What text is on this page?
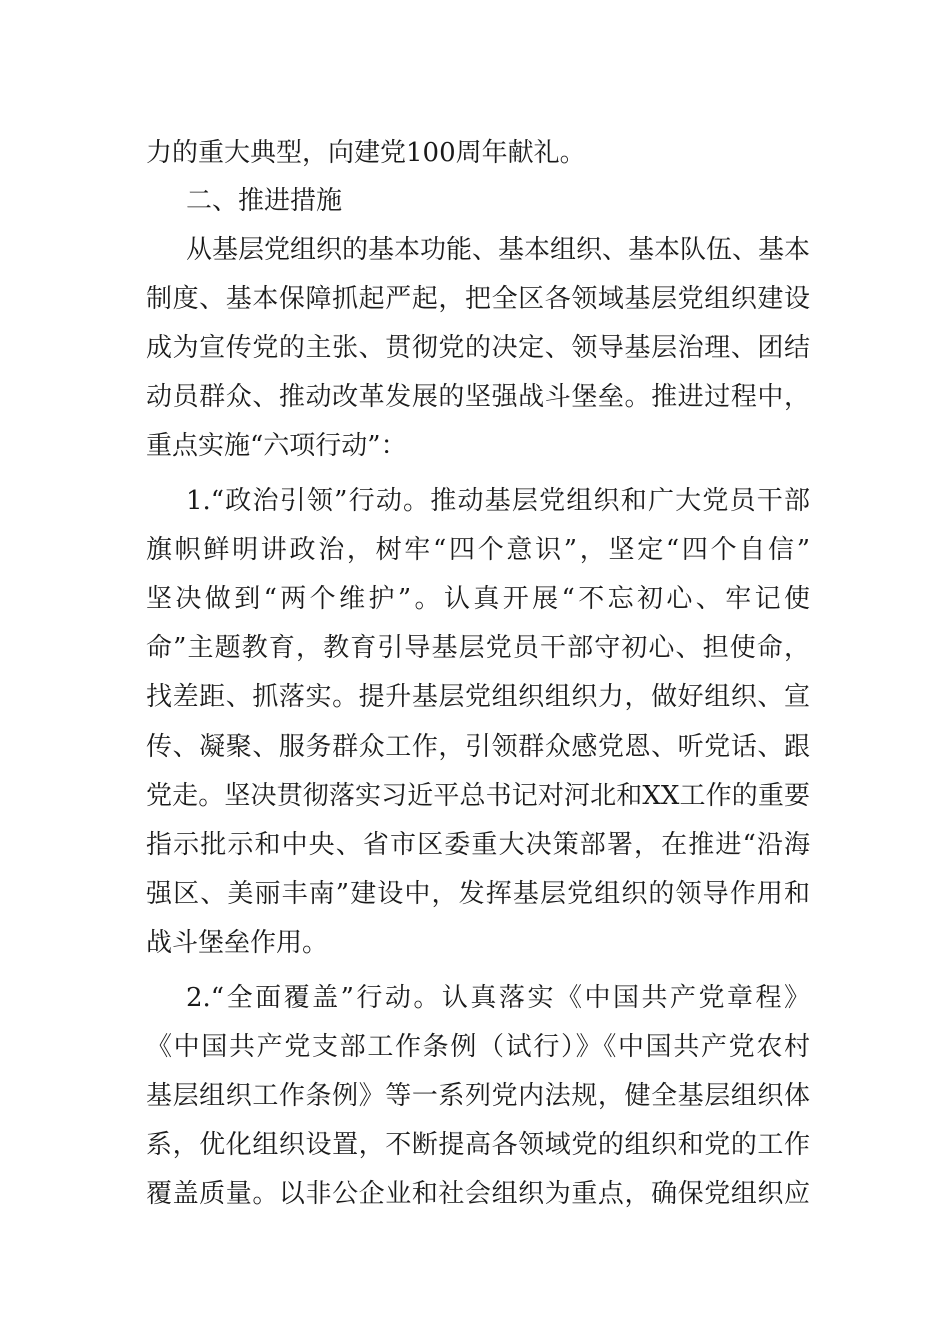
力的重大典型，向建党100周年献礼。
二、推进措施
从基层党组织的基本功能、基本组织、基本队伍、基本
制度、基本保障抓起严起，把全区各领域基层党组织建设
成为宣传党的主张、贯彻党的决定、领导基层治理、团结
动员群众、推动改革发展的坚强战斗堡垒。推进过程中，
重点实施“六项行动”：
1.“政治引领”行动。推动基层党组织和广大党员干部
旗帜鲜明讲政治，树牢“四个意识”，坚定“四个自信”
坚决做到“两个维护”。认真开展“不忘初心、牢记使
命”主题教育，教育引导基层党员干部守初心、担使命，
找差距、抓落实。提升基层党组织组织力，做好组织、宣
传、凝聚、服务群众工作，引领群众感党恩、听党话、跟
党走。坚决贯彻落实习近平总书记对河北和XX工作的重要
指示批示和中央、省市区委重大决策部署，在推进“沿海
强区、美丽丰南”建设中，发挥基层党组织的领导作用和
战斗堡垒作用。
2.“全面覆盖”行动。认真落实《中国共产党章程》
《中国共产党支部工作条例（试行）》《中国共产党农村
基层组织工作条例》等一系列党内法规，健全基层组织体
系，优化组织设置，不断提高各领域党的组织和党的工作
覆盖质量。以非公企业和社会组织为重点，确保党组织应
